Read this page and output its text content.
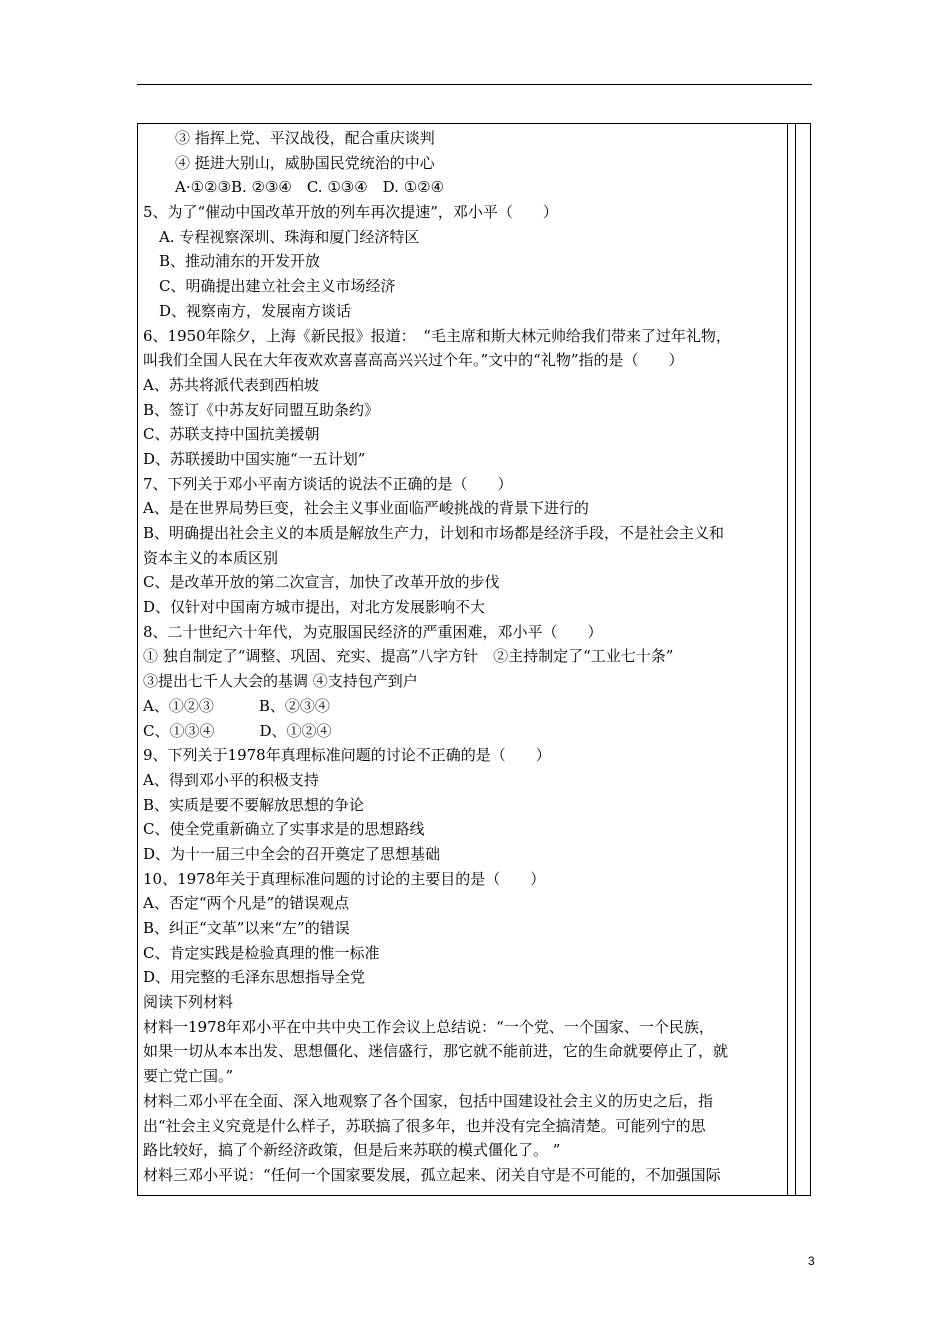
③ 指挥上党、平汉战役，配合重庆谈判
④ 挺进大别山，威胁国民党统治的中心
A·①②③B. ②③④　C. ①③④　D. ①②④
5、为了“催动中国改革开放的列车再次提速”，邓小平（　　）
A. 专程视察深圳、珠海和厦门经济特区
B、推动浦东的开发开放
C、明确提出建立社会主义市场经济
D、视察南方，发展南方谈话
6、1950年除夕，上海《新民报》报道：　“毛主席和斯大林元帅给我们带来了过年礼物，
叫我们全国人民在大年夜欢欢喜喜高高兴兴过个年。”文中的“礼物”指的是（　　）
A、苏共将派代表到西柏坡
B、签订《中苏友好同盟互助条约》
C、苏联支持中国抗美援朝
D、苏联援助中国实施“一五计划”
7、下列关于邓小平南方谈话的说法不正确的是（　　）
A、是在世界局势巨变，社会主义事业面临严峻挑战的背景下进行的
B、明确提出社会主义的本质是解放生产力，计划和市场都是经济手段，不是社会主义和
资本主义的本质区别
C、是改革开放的第二次宣言，加快了改革开放的步伐
D、仅针对中国南方城市提出，对北方发展影响不大
8、二十世纪六十年代，为克服国民经济的严重困难，邓小平（　　）
① 独自制定了“调整、巩固、充实、提高”八字方针　②主持制定了“工业七十条”
③提出七千人大会的基调 ④支持包产到户
A、①②③　　　B、②③④
C、①③④　　　D、①②④
9、下列关于1978年真理标准问题的讨论不正确的是（　　）
A、得到邓小平的积极支持
B、实质是要不要解放思想的争论
C、使全党重新确立了实事求是的思想路线
D、为十一届三中全会的召开奠定了思想基础
10、1978年关于真理标准问题的讨论的主要目的是（　　）
A、否定“两个凡是”的错误观点
B、纠正“文革”以来“左”的错误
C、肯定实践是检验真理的惟一标准
D、用完整的毛泽东思想指导全党
阅读下列材料
材料一1978年邓小平在中共中央工作会议上总结说：“一个党、一个国家、一个民族，
如果一切从本本出发、思想僵化、迷信盛行，那它就不能前进，它的生命就要停止了，就
要亡党亡国。”
材料二邓小平在全面、深入地观察了各个国家，包括中国建设社会主义的历史之后，指
出“社会主义究竟是什么样子，苏联搞了很多年，也并没有完全搞清楚。可能列宁的思
路比较好，搞了个新经济政策，但是后来苏联的模式僵化了。 ”
材料三邓小平说：“任何一个国家要发展，孤立起来、闭关自守是不可能的，不加强国际
3
